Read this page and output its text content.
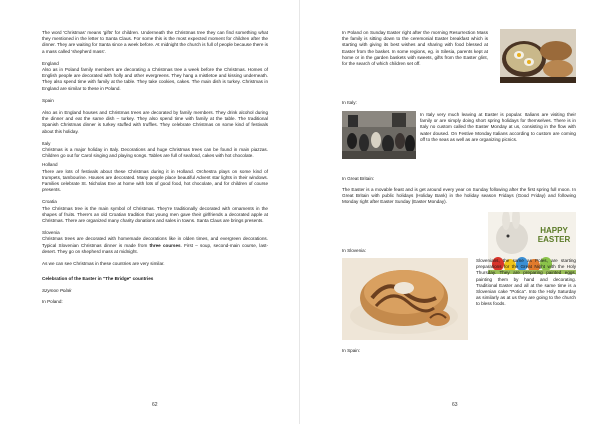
The word 'Christmas' means 'gifts' for children. Underneath the Christmas tree they can find something what they mentioned in the letter to Santa Claus. For some this is the most expected moment for children after the dinner. They are waiting for Santa since a week before. At midnight the church is full of people because there is a mass called 'shepherd mass'.

England

Also as in Poland family members are decorating a Christmas tree a week before the Christmas. Homes of English people are decorated with holly and other evergreens. They hang a mistletoe and kissing underneath. They also spend time with family at the table. They take cookies, cakes. The main dish is turkey. Christmas in England are similar to these in Poland.

Spain

Also as in England houses and Christmas trees are decorated by family members. They drink alcohol during the dinner and eat the same dish – turkey. They also spend time with family at the table. The traditional Spanish Christmas dinner is turkey stuffed with truffles. They celebrate Christmas on some kind of festivals about this holiday.

Italy

Christmas is a major holiday in Italy. Decorations and huge Christmas trees can be found in main piazzas. Children go out for Carol singing and playing songs. Tables are full of seafood, cakes with hot chocolate.

Holland

There are lots of festivals about these Christmas during it in Holland. Orchestra plays on some kind of trumpets, tambourine. Houses are decorated. Many people place beautiful Advent star lights in their windows. Families celebrate St. Nicholas Eve at home with lots of good food, hot chocolate, and for children of course presents.

Croatia

The Christmas tree is the main symbol of Christmas. They're traditionally decorated with ornaments in the shapes of fruits. There's an old Croatian tradition that young men gave their girlfriends a decorated apple at Christmas. There are organized many charity donations and sales in towns. Santa Claus are brings presents.

Slovenia

Christmas trees are decorated with homemade decorations like in olden times, and evergreen decorations. Typical Slovenian Christmas dinner is made from three courses. First – soup, second-main course, last-desert. They go on shepherd mass at midnight.

As we can see Christmas in these countries are very similar.

Celebration of the Easter in "The Bridge" countries

Szymon Polak

In Poland:

62

In Poland on Sunday Easter right after the morning Resurrection Mass the family is sitting down to the ceremonial Easter breakfast which is starting with giving its best wishes and sharing with food blessed at Easter from the basket. In some regions, eg. in Silesia, parents kept at home or in the garden baskets with sweets, gifts from the Easter glint, for the search of which children set off.

In Italy:

In Italy very much leaving at Easter is popular. Italians are visiting their family or are simply doing short spring holidays for themselves. There is in Italy no custom called the Easter Monday at us, consisting in the flow with water doused. On Festive Monday Italians according to custom are coming off to the seas as well as are organizing picnics.

In Great Britain:

The Easter is a movable feast and is get around every year on Sunday following after the first spring full moon. In Great Britain with public holidays (Holiday Bank) in the holiday season Fridays (Good Friday) and following Monday right after Easter Sunday (Easter Monday).

HAPPY EASTER
In Slovenia:

Slovenians, the same as Poles, are starting preparations for the Great Night with the Holy Thursday. They are preparing painted eggs, painting them by hand and decorating. Traditional Easter and all at the same time is a Slovenian cake "Potica". Into the Holy Saturday as similarly as at us they are going to the church to bless foods.

In Spain:
63
